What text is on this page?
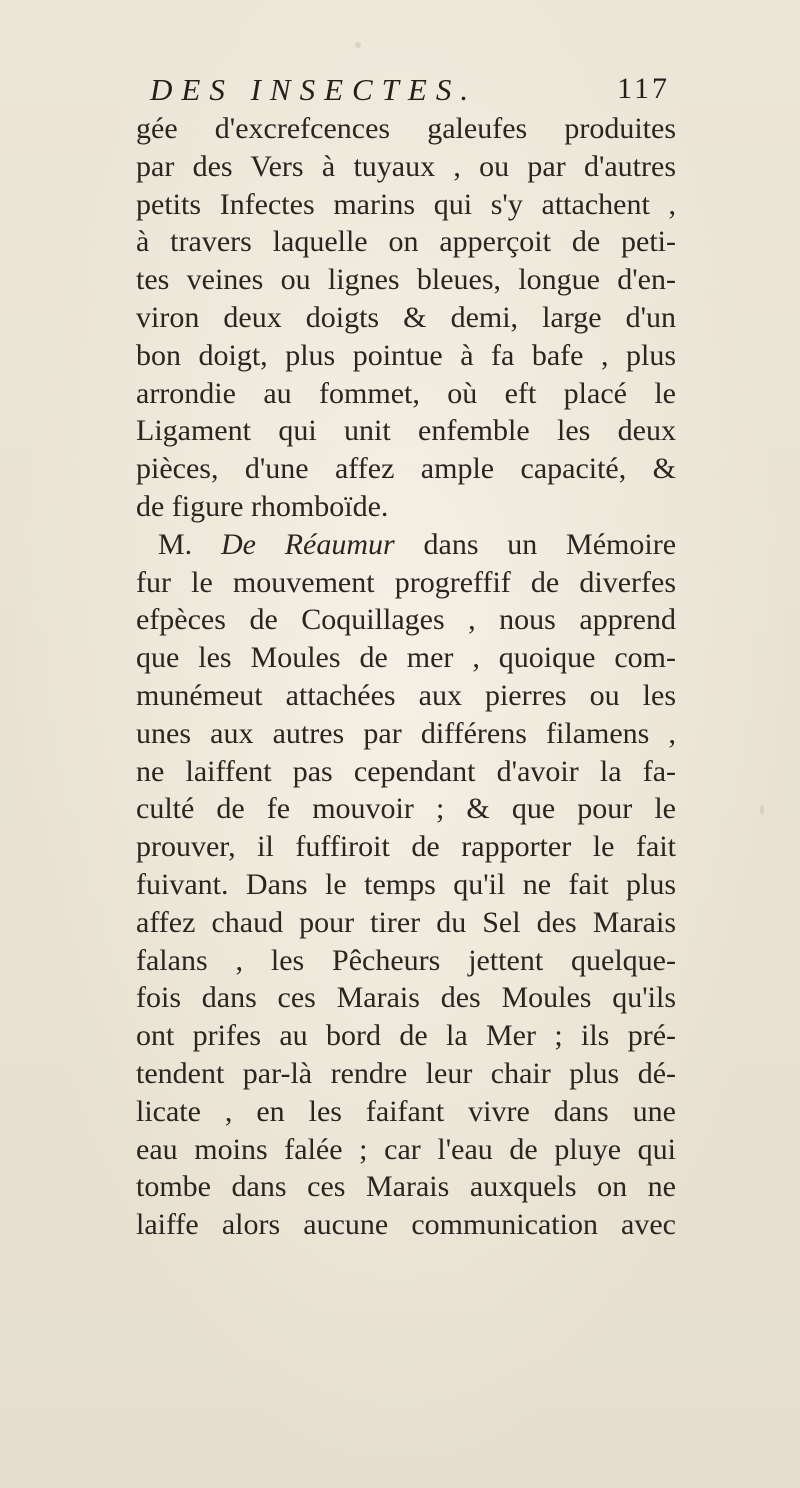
DES INSECTES.	117
gée d'excrefcences galeufes produites
par des Vers à tuyaux , ou par d'autres
petits Infectes marins qui s'y attachent ,
à travers laquelle on apperçoit de peti-
tes veines ou lignes bleues, longue d'en-
viron deux doigts & demi, large d'un
bon doigt, plus pointue à fa bafe , plus
arrondie au fommet, où eft placé le
Ligament qui unit enfemble les deux
pièces, d'une affez ample capacité, &
de figure rhomboïde.
M. De Réaumur dans un Mémoire
fur le mouvement progreffif de diverfes
efpèces de Coquillages , nous apprend
que les Moules de mer , quoique com-
munémeut attachées aux pierres ou les
unes aux autres par différens filamens ,
ne laiffent pas cependant d'avoir la fa-
culté de fe mouvoir ; & que pour le
prouver, il fuffiroit de rapporter le fait
fuivant. Dans le temps qu'il ne fait plus
affez chaud pour tirer du Sel des Marais
falans , les Pêcheurs jettent quelque-
fois dans ces Marais des Moules qu'ils
ont prifes au bord de la Mer ; ils pré-
tendent par-là rendre leur chair plus dé-
licate , en les faifant vivre dans une
eau moins falée ; car l'eau de pluye qui
tombe dans ces Marais auxquels on ne
laiffe alors aucune communication avec
